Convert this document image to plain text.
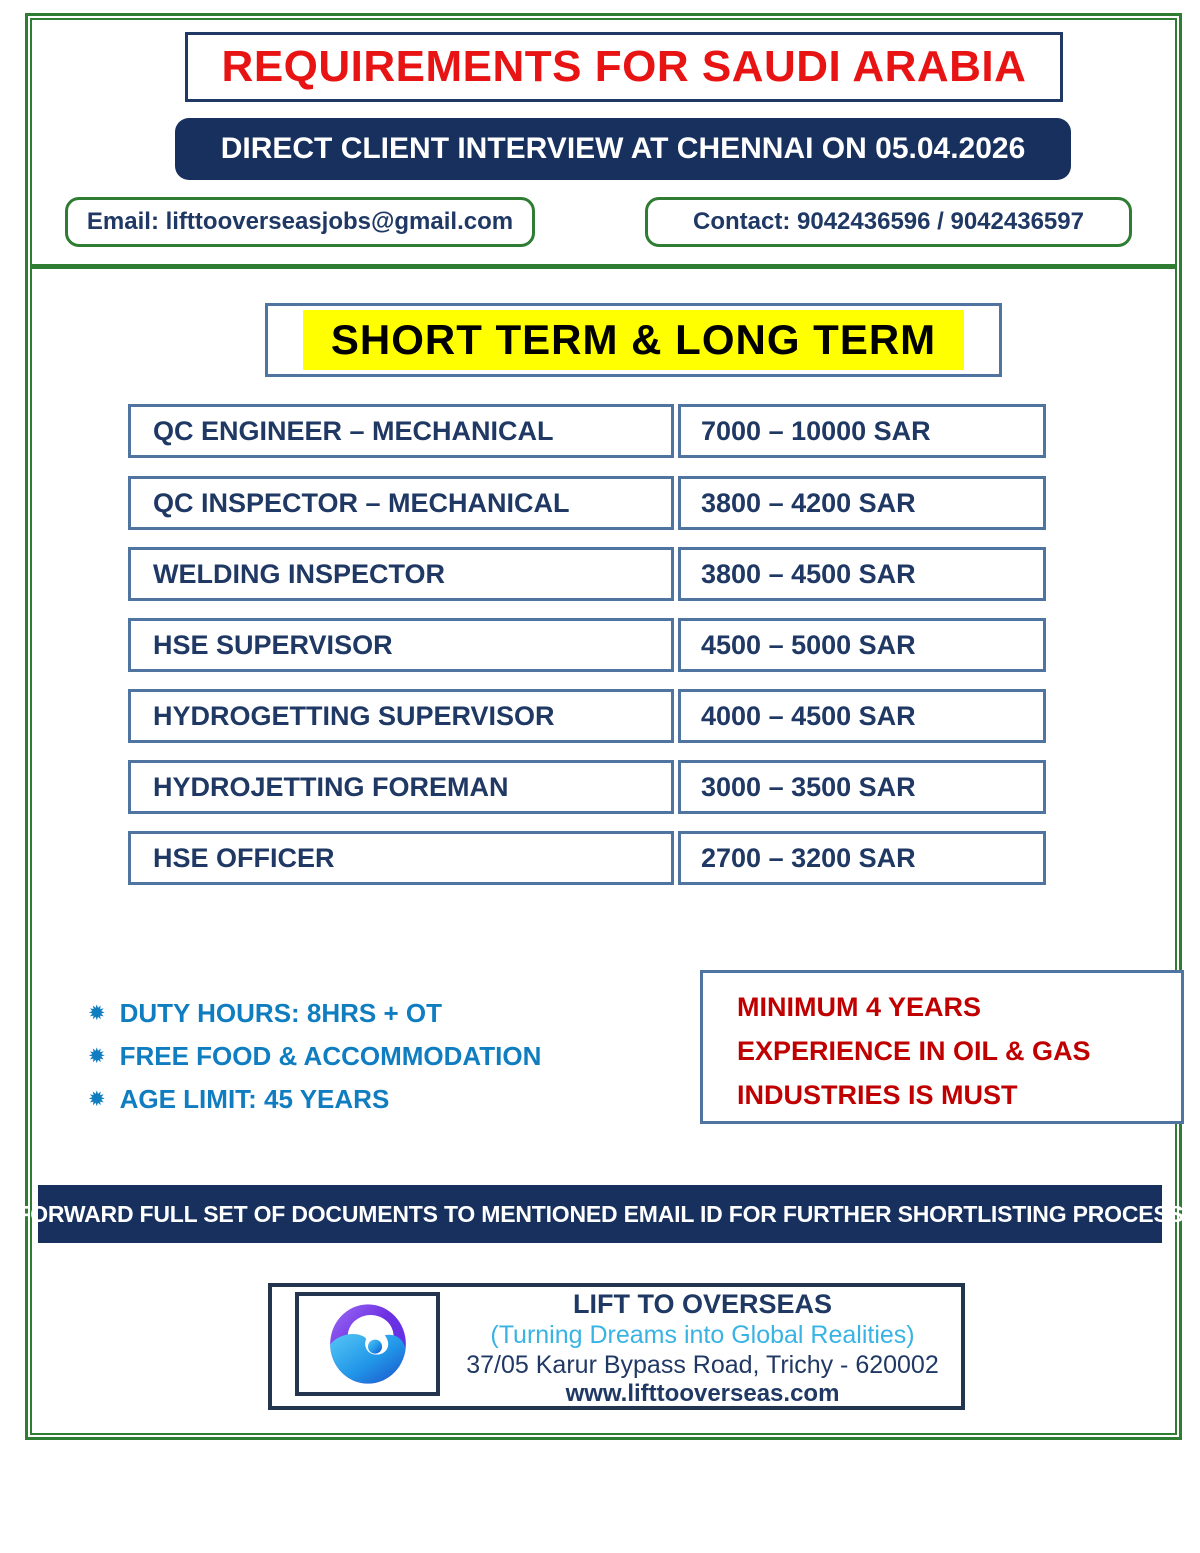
REQUIREMENTS FOR SAUDI ARABIA
DIRECT CLIENT INTERVIEW AT CHENNAI ON 05.04.2026
Email: lifttooverseasjobs@gmail.com	Contact: 9042436596 / 9042436597
SHORT TERM & LONG TERM
QC ENGINEER – MECHANICAL	7000 – 10000 SAR
QC INSPECTOR – MECHANICAL	3800 – 4200 SAR
WELDING INSPECTOR	3800 – 4500 SAR
HSE SUPERVISOR	4500 – 5000 SAR
HYDROGETTING SUPERVISOR	4000 – 4500 SAR
HYDROJETTING FOREMAN	3000 – 3500 SAR
HSE OFFICER	2700 – 3200 SAR
✹ DUTY HOURS: 8HRS + OT
✹ FREE FOOD & ACCOMMODATION
✹ AGE LIMIT: 45 YEARS
MINIMUM 4 YEARS
EXPERIENCE IN OIL & GAS
INDUSTRIES IS MUST
FORWARD FULL SET OF DOCUMENTS TO MENTIONED EMAIL ID FOR FURTHER SHORTLISTING PROCESS
LIFT TO OVERSEAS
(Turning Dreams into Global Realities)
37/05 Karur Bypass Road, Trichy - 620002
www.lifttooverseas.com
